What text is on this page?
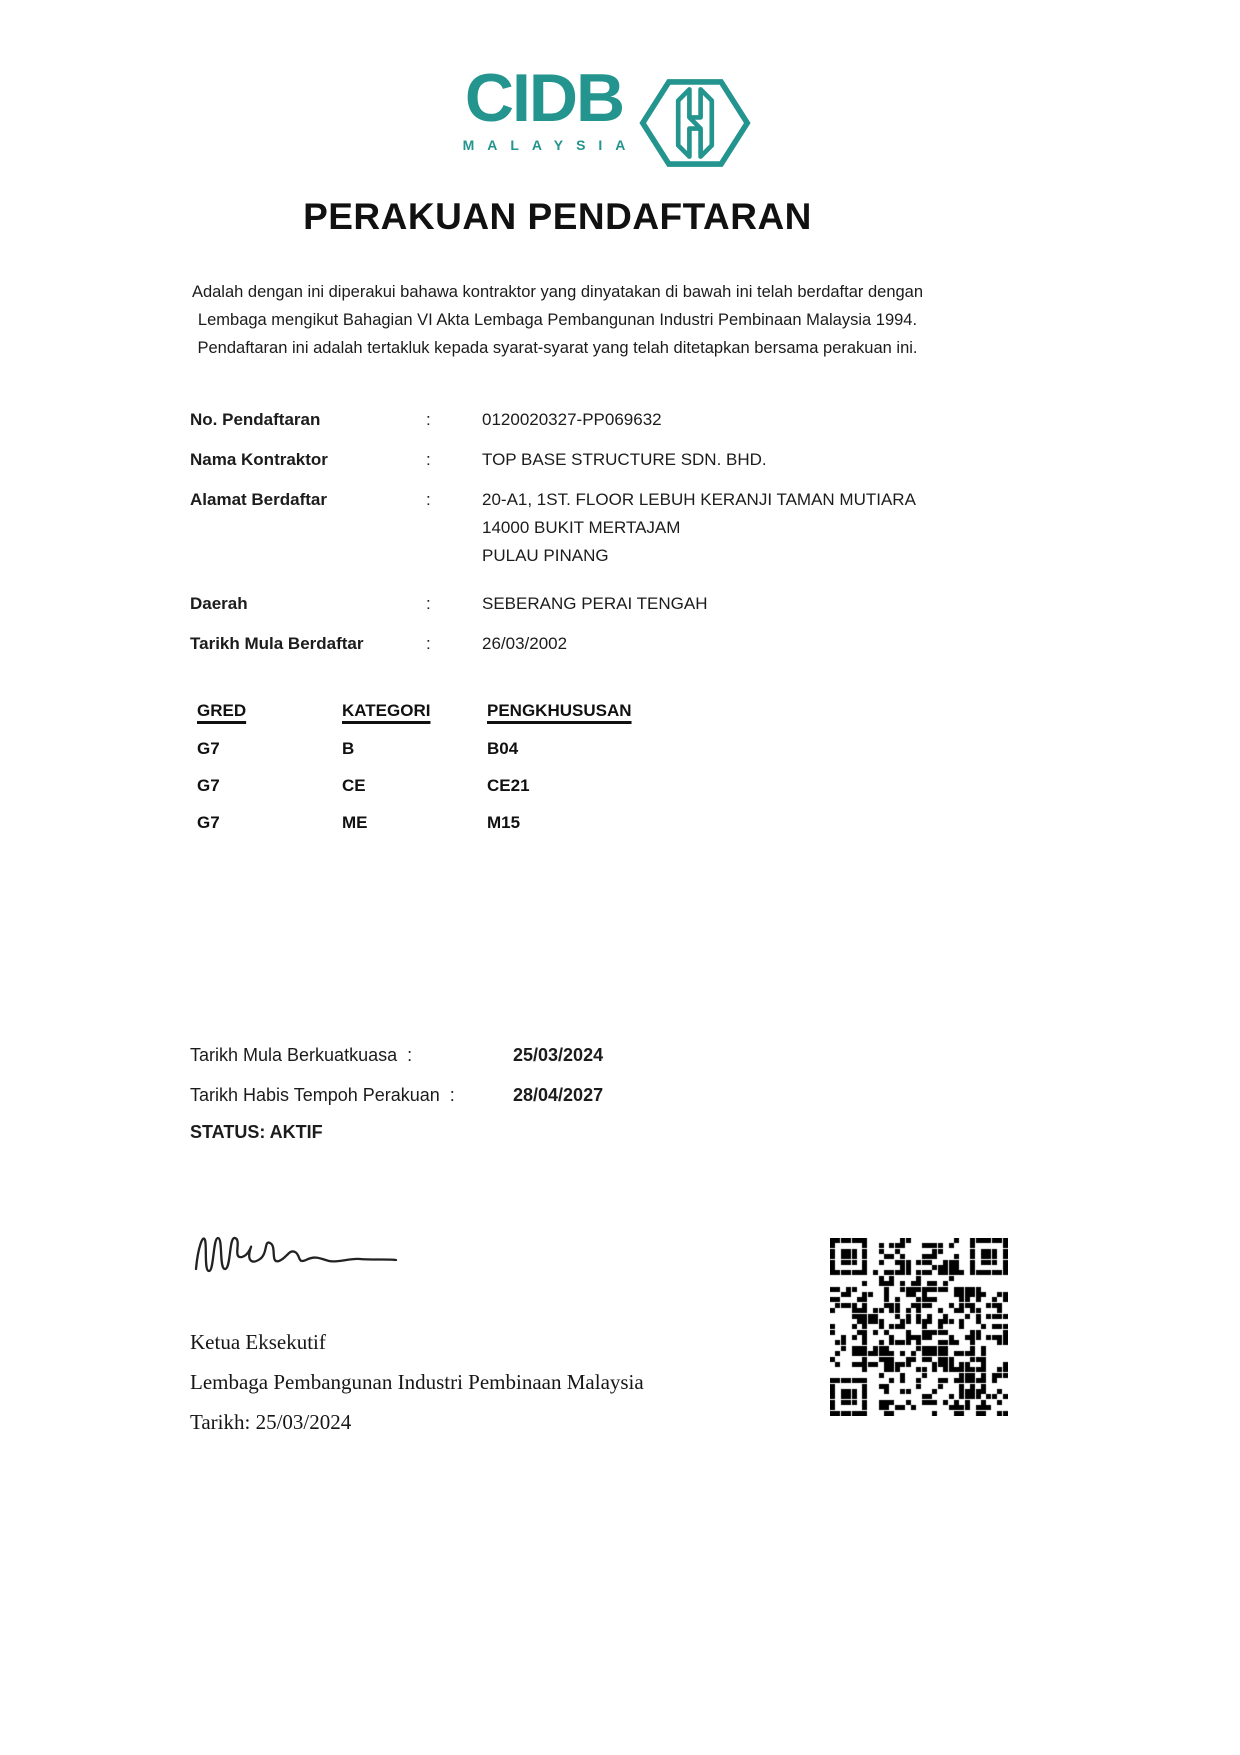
CIDB
MALAYSIA
PERAKUAN PENDAFTARAN
Adalah dengan ini diperakui bahawa kontraktor yang dinyatakan di bawah ini telah berdaftar dengan
Lembaga mengikut Bahagian VI Akta Lembaga Pembangunan Industri Pembinaan Malaysia 1994.
Pendaftaran ini adalah tertakluk kepada syarat-syarat yang telah ditetapkan bersama perakuan ini.
No. Pendaftaran	:	0120020327-PP069632
Nama Kontraktor	:	TOP BASE STRUCTURE SDN. BHD.
Alamat Berdaftar	:	20-A1, 1ST. FLOOR LEBUH KERANJI TAMAN MUTIARA
14000 BUKIT MERTAJAM
PULAU PINANG
Daerah	:	SEBERANG PERAI TENGAH
Tarikh Mula Berdaftar	:	26/03/2002
GRED	KATEGORI	PENGKHUSUSAN
G7	B	B04
G7	CE	CE21
G7	ME	M15
Tarikh Mula Berkuatkuasa  :	25/03/2024
Tarikh Habis Tempoh Perakuan  :	28/04/2027
STATUS: AKTIF
Ketua Eksekutif
Lembaga Pembangunan Industri Pembinaan Malaysia
Tarikh: 25/03/2024
